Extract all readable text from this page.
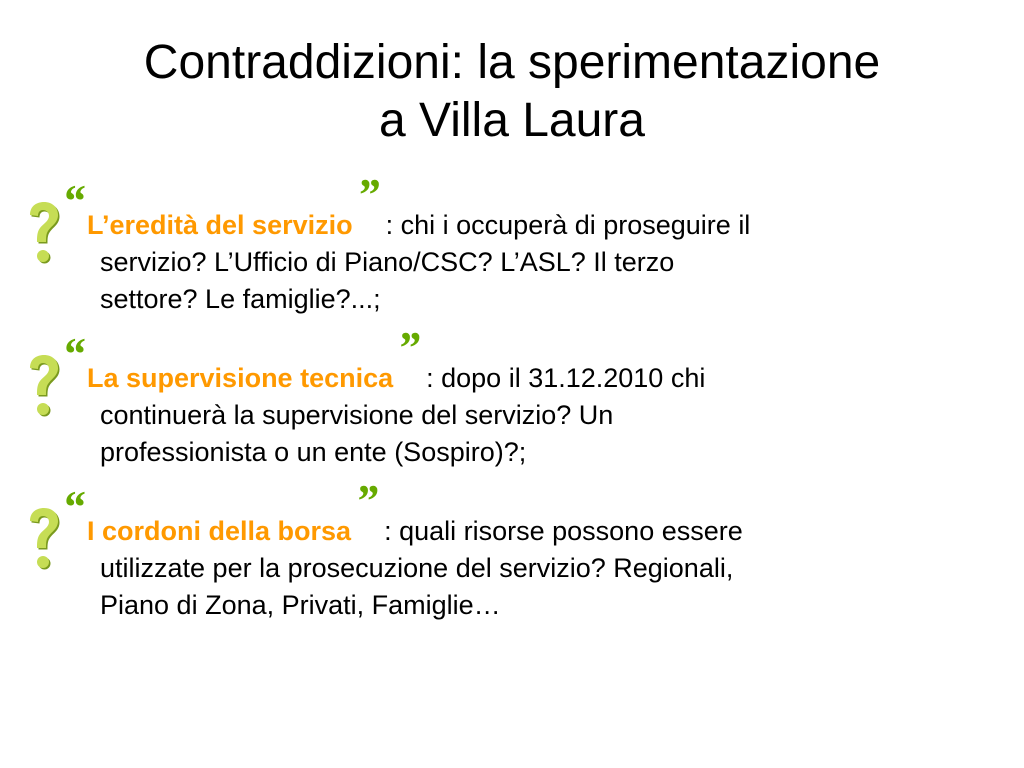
Contraddizioni: la sperimentazione
a Villa Laura
“L’eredità del servizio”: chi i occuperà di proseguire il
servizio? L’Ufficio di Piano/CSC? L’ASL? Il terzo
settore? Le famiglie?...;
“La supervisione tecnica”: dopo il 31.12.2010 chi
continuerà la supervisione del servizio? Un
professionista o un ente (Sospiro)?;
“I cordoni della borsa”: quali risorse possono essere
utilizzate per la prosecuzione del servizio? Regionali,
Piano di Zona, Privati, Famiglie…
